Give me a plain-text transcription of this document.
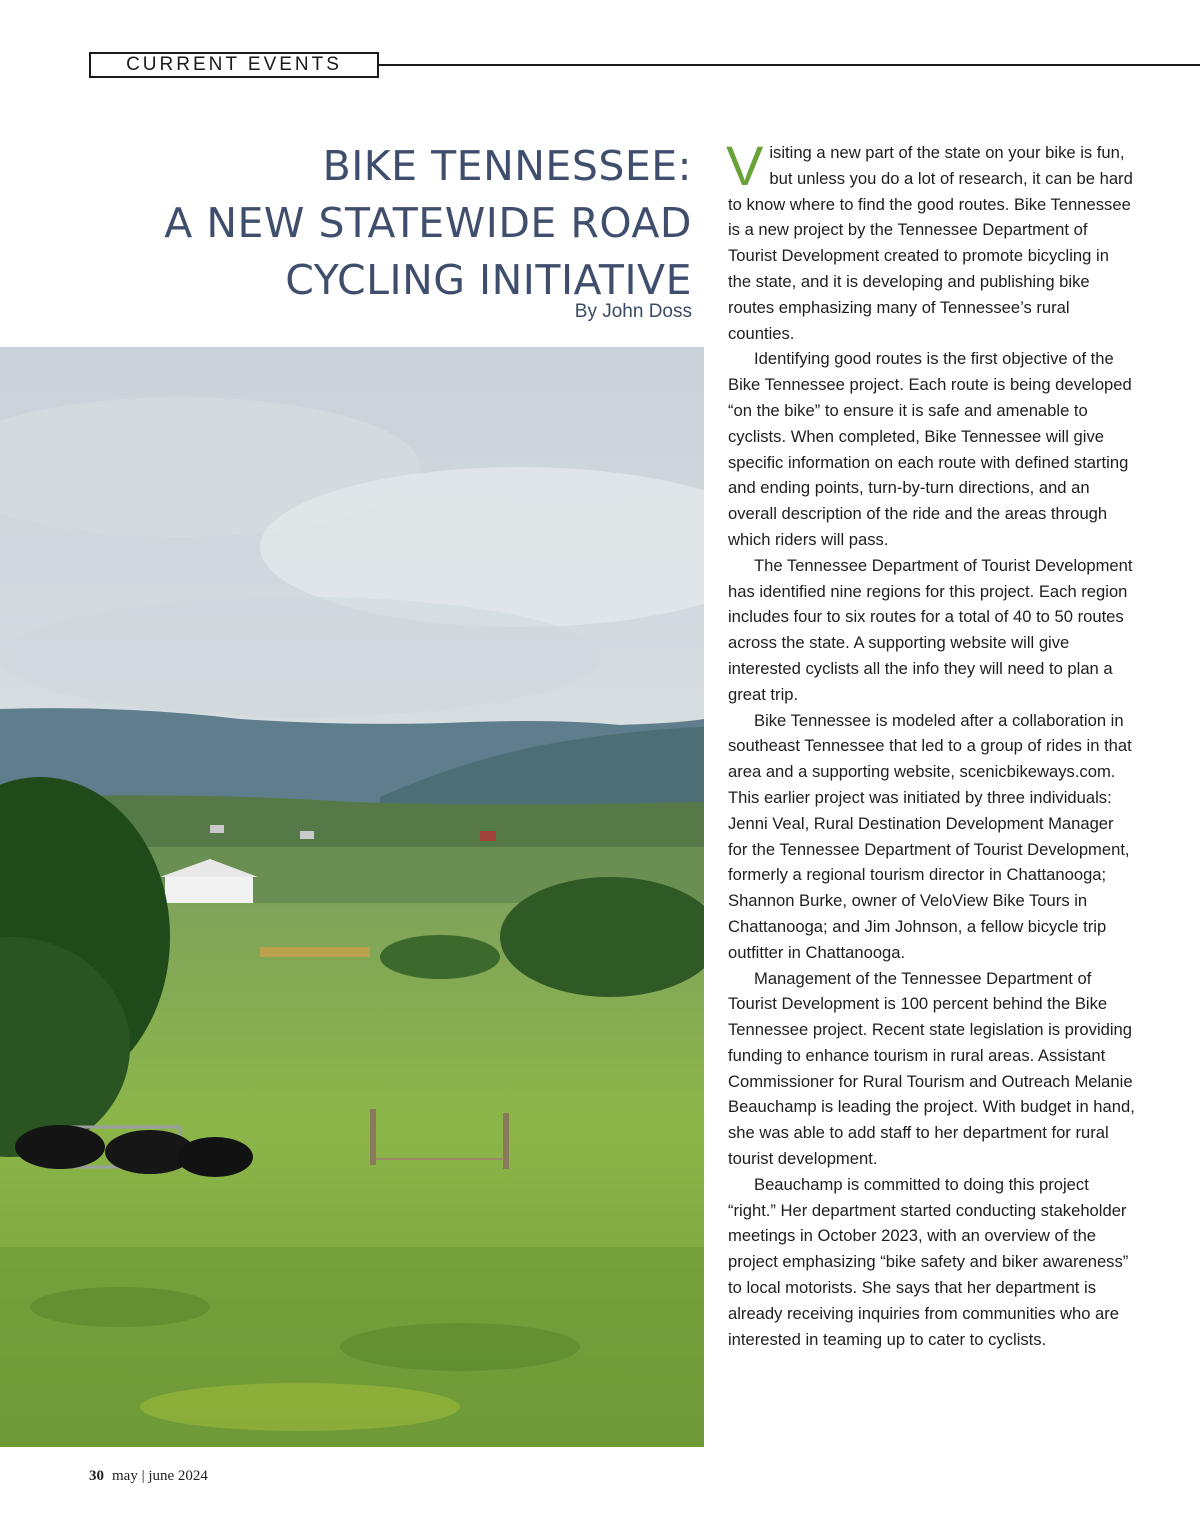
CURRENT EVENTS
BIKE TENNESSEE:
A NEW STATEWIDE ROAD
CYCLING INITIATIVE
By John Doss

Visiting a new part of the state on your bike is fun, but unless you do a lot of research, it can be hard to know where to find the good routes. Bike Tennessee is a new project by the Tennessee Department of Tourist Development created to promote bicycling in the state, and it is developing and publishing bike routes emphasizing many of Tennessee’s rural counties.

Identifying good routes is the first objective of the Bike Tennessee project. Each route is being developed “on the bike” to ensure it is safe and amenable to cyclists. When completed, Bike Tennessee will give specific information on each route with defined starting and ending points, turn-by-turn directions, and an overall description of the ride and the areas through which riders will pass.

The Tennessee Department of Tourist Development has identified nine regions for this project. Each region includes four to six routes for a total of 40 to 50 routes across the state. A supporting website will give interested cyclists all the info they will need to plan a great trip.

Bike Tennessee is modeled after a collaboration in southeast Tennessee that led to a group of rides in that area and a supporting website, scenicbikeways.com. This earlier project was initiated by three individuals: Jenni Veal, Rural Destination Development Manager for the Tennessee Department of Tourist Development, formerly a regional tourism director in Chattanooga; Shannon Burke, owner of VeloView Bike Tours in Chattanooga; and Jim Johnson, a fellow bicycle trip outfitter in Chattanooga.

Management of the Tennessee Department of Tourist Development is 100 percent behind the Bike Tennessee project. Recent state legislation is providing funding to enhance tourism in rural areas. Assistant Commissioner for Rural Tourism and Outreach Melanie Beauchamp is leading the project. With budget in hand, she was able to add staff to her department for rural tourist development.

Beauchamp is committed to doing this project “right.” Her department started conducting stakeholder meetings in October 2023, with an overview of the project emphasizing “bike safety and biker awareness” to local motorists. She says that her department is already receiving inquiries from communities who are interested in teaming up to cater to cyclists.

30 may | june 2024
